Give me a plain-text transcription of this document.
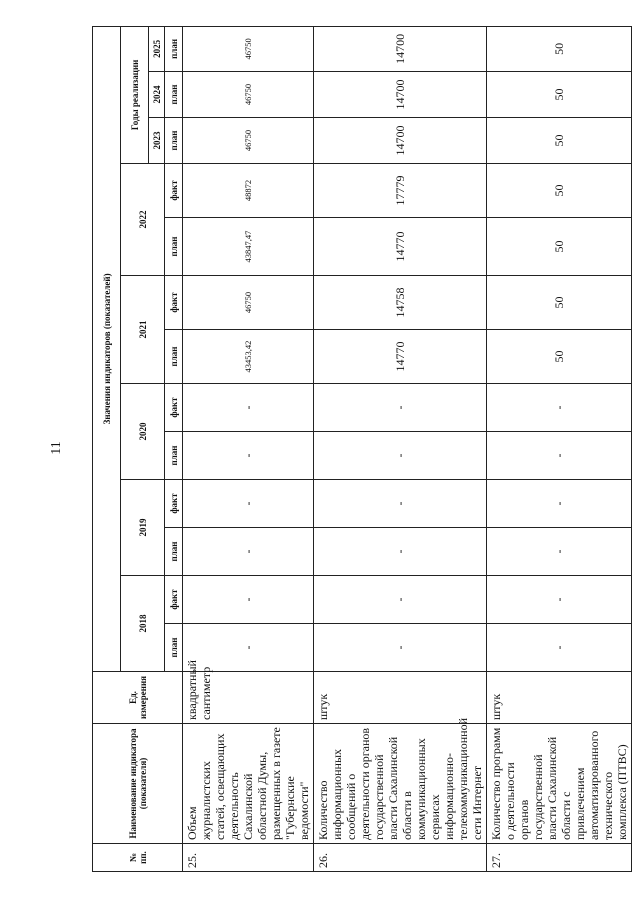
11
№ пп.	Наименование индикатора (показателя)	Ед. измерения	Значения индикаторов (показателей)												
			2018		2019		2020		2021		2022		Годы реализации		
													2023	2024	2025
			план	факт	план	факт	план	факт	план	факт	план	факт	план	план	план
25.	Объем журналистских статей, освещающих деятельность Сахалинской областной Думы, размещенных в газете "Губернские ведомости"	квадратный сантиметр	-	-	-	-	-	-	43453,42	46750	43847,47	48872	46750	46750	46750
26.	Количество информационных сообщений о деятельности органов государственной власти Сахалинской области в коммуникационных сервисах информационно-телекоммуникационной сети Интернет	штук	-	-	-	-	-	-	14770	14758	14770	17779	14700	14700	14700
27.	Количество программ о деятельности органов государственной власти Сахалинской области с привлечением автоматизированного технического комплекса (ПТВС)	штук	-	-	-	-	-	-	50	50	50	50	50	50	50
